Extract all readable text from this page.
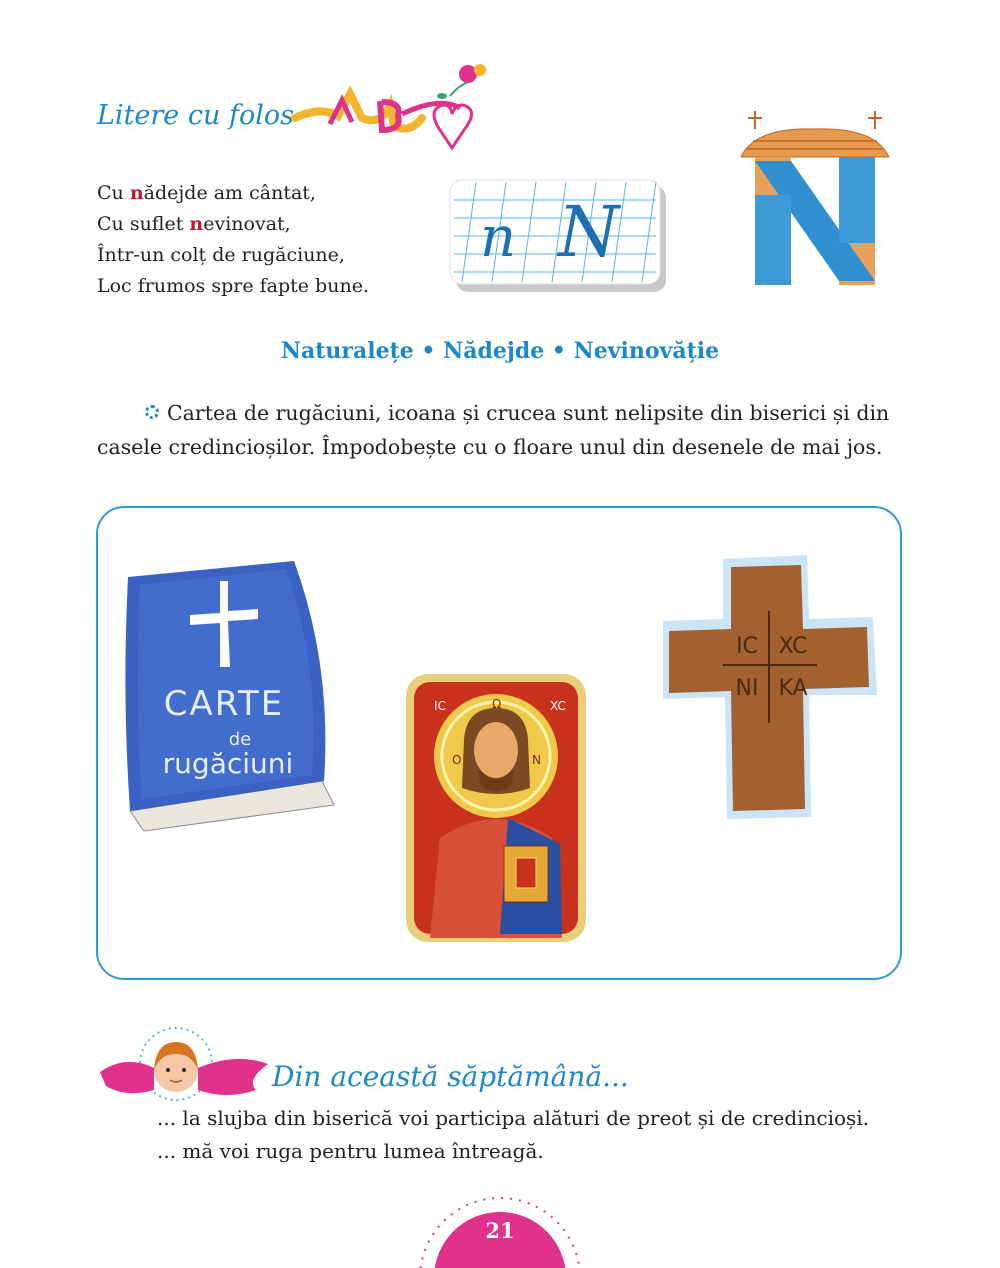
Litere cu folos
Cu nădejde am cântat,
Cu suflet nevinovat,
Într-un colț de rugăciune,
Loc frumos spre fapte bune.
n N
N
Naturalețe • Nădejde • Nevinovăție
Cartea de rugăciuni, icoana și crucea sunt nelipsite din biserici și din casele credincioșilor. Împodobește cu o floare unul din desenele de mai jos.
CARTE
de
rugăciuni
IC	Ω	XC
O	N
IC XC
NI KA
Din această săptămână...
... la slujba din biserică voi participa alături de preot și de credincioși.
... mă voi ruga pentru lumea întreagă.
21
